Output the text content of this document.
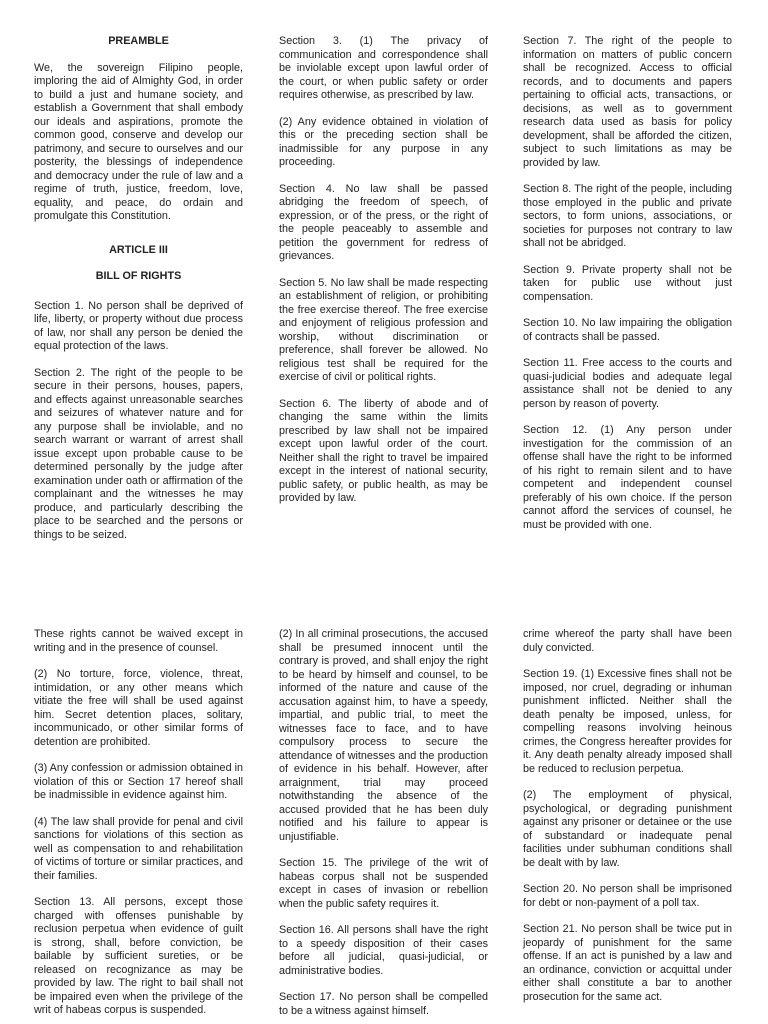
PREAMBLE

We, the sovereign Filipino people, imploring the aid of Almighty God, in order to build a just and humane society, and establish a Government that shall embody our ideals and aspirations, promote the common good, conserve and develop our patrimony, and secure to ourselves and our posterity, the blessings of independence and democracy under the rule of law and a regime of truth, justice, freedom, love, equality, and peace, do ordain and promulgate this Constitution.

ARTICLE III

BILL OF RIGHTS

Section 1. No person shall be deprived of life, liberty, or property without due process of law, nor shall any person be denied the equal protection of the laws.

Section 2. The right of the people to be secure in their persons, houses, papers, and effects against unreasonable searches and seizures of whatever nature and for any purpose shall be inviolable, and no search warrant or warrant of arrest shall issue except upon probable cause to be determined personally by the judge after examination under oath or affirmation of the complainant and the witnesses he may produce, and particularly describing the place to be searched and the persons or things to be seized.

Section 3. (1) The privacy of communication and correspondence shall be inviolable except upon lawful order of the court, or when public safety or order requires otherwise, as prescribed by law.

(2) Any evidence obtained in violation of this or the preceding section shall be inadmissible for any purpose in any proceeding.

Section 4. No law shall be passed abridging the freedom of speech, of expression, or of the press, or the right of the people peaceably to assemble and petition the government for redress of grievances.

Section 5. No law shall be made respecting an establishment of religion, or prohibiting the free exercise thereof. The free exercise and enjoyment of religious profession and worship, without discrimination or preference, shall forever be allowed. No religious test shall be required for the exercise of civil or political rights.

Section 6. The liberty of abode and of changing the same within the limits prescribed by law shall not be impaired except upon lawful order of the court. Neither shall the right to travel be impaired except in the interest of national security, public safety, or public health, as may be provided by law.

Section 7. The right of the people to information on matters of public concern shall be recognized. Access to official records, and to documents and papers pertaining to official acts, transactions, or decisions, as well as to government research data used as basis for policy development, shall be afforded the citizen, subject to such limitations as may be provided by law.

Section 8. The right of the people, including those employed in the public and private sectors, to form unions, associations, or societies for purposes not contrary to law shall not be abridged.

Section 9. Private property shall not be taken for public use without just compensation.

Section 10. No law impairing the obligation of contracts shall be passed.

Section 11. Free access to the courts and quasi-judicial bodies and adequate legal assistance shall not be denied to any person by reason of poverty.

Section 12. (1) Any person under investigation for the commission of an offense shall have the right to be informed of his right to remain silent and to have competent and independent counsel preferably of his own choice. If the person cannot afford the services of counsel, he must be provided with one.

These rights cannot be waived except in writing and in the presence of counsel.

(2) No torture, force, violence, threat, intimidation, or any other means which vitiate the free will shall be used against him. Secret detention places, solitary, incommunicado, or other similar forms of detention are prohibited.

(3) Any confession or admission obtained in violation of this or Section 17 hereof shall be inadmissible in evidence against him.

(4) The law shall provide for penal and civil sanctions for violations of this section as well as compensation to and rehabilitation of victims of torture or similar practices, and their families.

Section 13. All persons, except those charged with offenses punishable by reclusion perpetua when evidence of guilt is strong, shall, before conviction, be bailable by sufficient sureties, or be released on recognizance as may be provided by law. The right to bail shall not be impaired even when the privilege of the writ of habeas corpus is suspended.

(2) In all criminal prosecutions, the accused shall be presumed innocent until the contrary is proved, and shall enjoy the right to be heard by himself and counsel, to be informed of the nature and cause of the accusation against him, to have a speedy, impartial, and public trial, to meet the witnesses face to face, and to have compulsory process to secure the attendance of witnesses and the production of evidence in his behalf. However, after arraignment, trial may proceed notwithstanding the absence of the accused provided that he has been duly notified and his failure to appear is unjustifiable.

Section 15. The privilege of the writ of habeas corpus shall not be suspended except in cases of invasion or rebellion when the public safety requires it.

Section 16. All persons shall have the right to a speedy disposition of their cases before all judicial, quasi-judicial, or administrative bodies.

Section 17. No person shall be compelled to be a witness against himself.

crime whereof the party shall have been duly convicted.

Section 19. (1) Excessive fines shall not be imposed, nor cruel, degrading or inhuman punishment inflicted. Neither shall the death penalty be imposed, unless, for compelling reasons involving heinous crimes, the Congress hereafter provides for it. Any death penalty already imposed shall be reduced to reclusion perpetua.

(2) The employment of physical, psychological, or degrading punishment against any prisoner or detainee or the use of substandard or inadequate penal facilities under subhuman conditions shall be dealt with by law.

Section 20. No person shall be imprisoned for debt or non-payment of a poll tax.

Section 21. No person shall be twice put in jeopardy of punishment for the same offense. If an act is punished by a law and an ordinance, conviction or acquittal under either shall constitute a bar to another prosecution for the same act.
